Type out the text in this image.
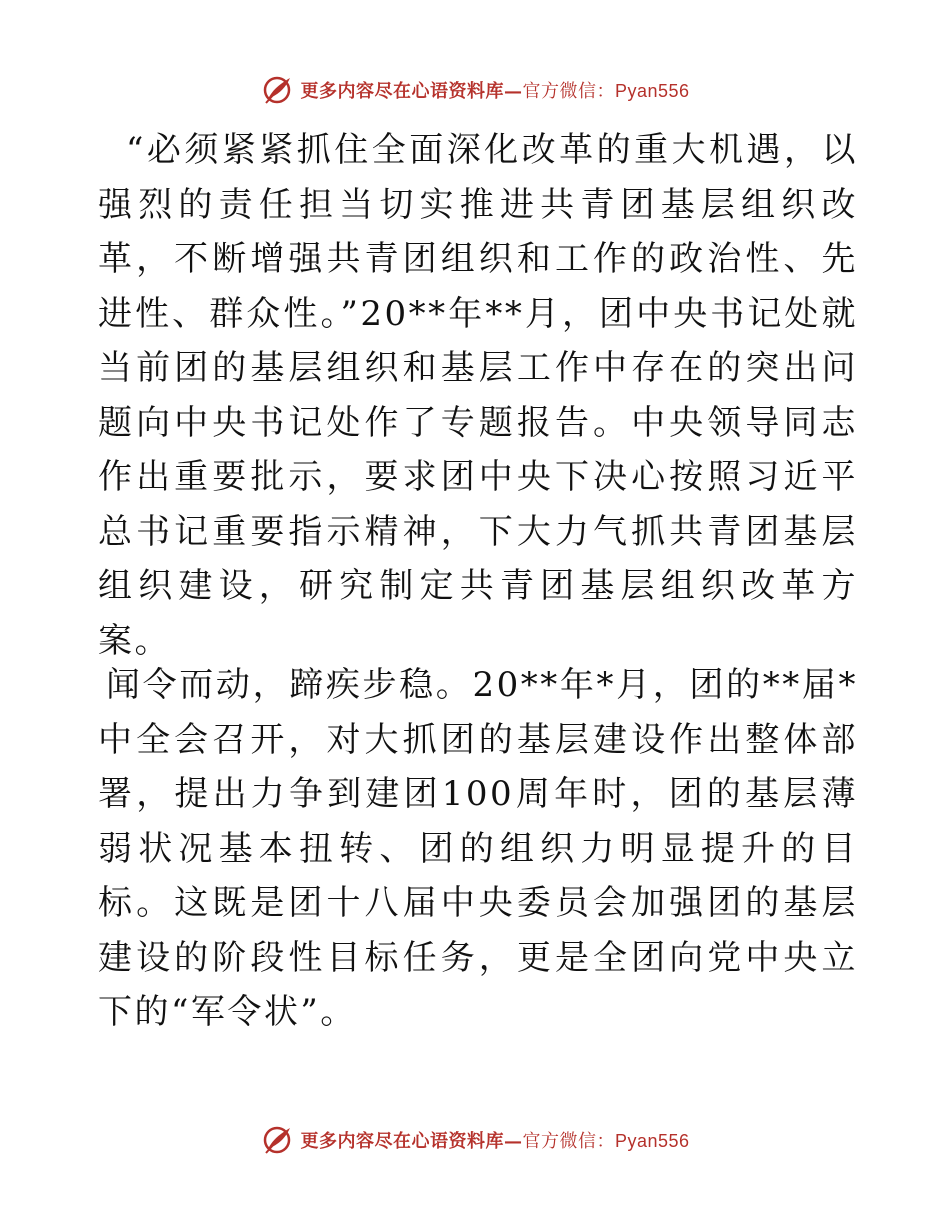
更多内容尽在心语资料库— 官方微信：Pyan556

“必须紧紧抓住全面深化改革的重大机遇，以强烈的责任担当切实推进共青团基层组织改革，不断增强共青团组织和工作的政治性、先进性、群众性。”20**年**月，团中央书记处就当前团的基层组织和基层工作中存在的突出问题向中央书记处作了专题报告。中央领导同志作出重要批示，要求团中央下决心按照习近平总书记重要指示精神，下大力气抓共青团基层组织建设，研究制定共青团基层组织改革方案。

闻令而动，蹄疾步稳。20**年*月，团的**届*中全会召开，对大抓团的基层建设作出整体部署，提出力争到建团100周年时，团的基层薄弱状况基本扭转、团的组织力明显提升的目标。这既是团十八届中央委员会加强团的基层建设的阶段性目标任务，更是全团向党中央立下的“军令状”。

更多内容尽在心语资料库— 官方微信：Pyan556
